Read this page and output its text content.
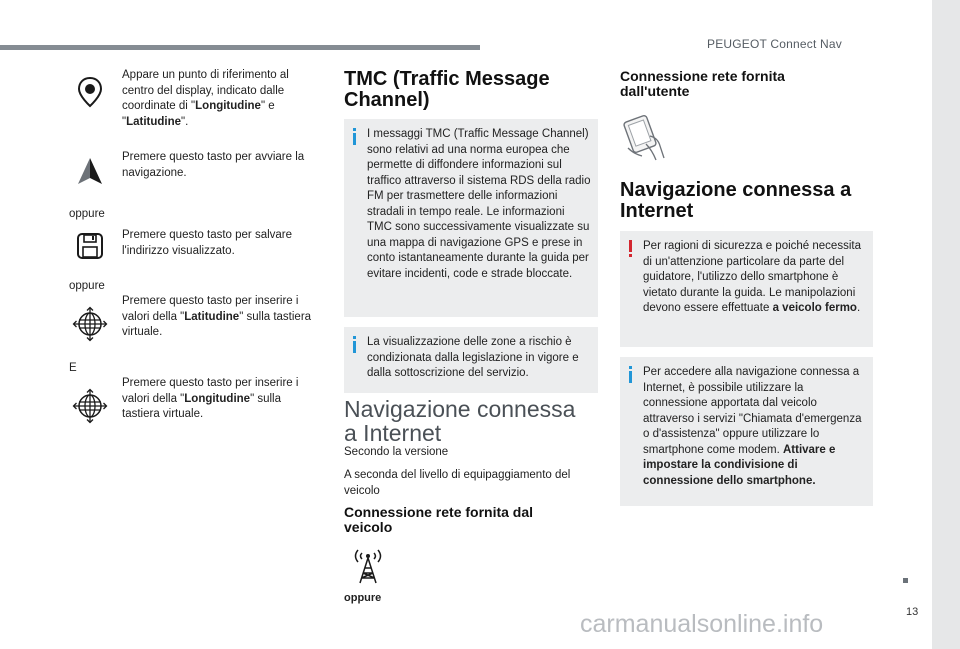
PEUGEOT Connect Nav
13
carmanualsonline.info
Appare un punto di riferimento al centro del display, indicato dalle coordinate di "Longitudine" e "Latitudine".
Premere questo tasto per avviare la navigazione.
oppure
Premere questo tasto per salvare l'indirizzo visualizzato.
oppure
Premere questo tasto per inserire i valori della "Latitudine" sulla tastiera virtuale.
E
Premere questo tasto per inserire i valori della "Longitudine" sulla tastiera virtuale.
TMC (Traffic Message Channel)
I messaggi TMC (Traffic Message Channel) sono relativi ad una norma europea che permette di diffondere informazioni sul traffico attraverso il sistema RDS della radio FM per trasmettere delle informazioni stradali in tempo reale. Le informazioni TMC sono successivamente visualizzate su una mappa di navigazione GPS e prese in conto istantaneamente durante la guida per evitare incidenti, code e strade bloccate.
La visualizzazione delle zone a rischio è condizionata dalla legislazione in vigore e dalla sottoscrizione del servizio.
Navigazione connessa a Internet
Secondo la versione
A seconda del livello di equipaggiamento del veicolo
Connessione rete fornita dal veicolo
oppure
Connessione rete fornita dall'utente
Navigazione connessa a Internet
Per ragioni di sicurezza e poiché necessita di un'attenzione particolare da parte del guidatore, l'utilizzo dello smartphone è vietato durante la guida. Le manipolazioni devono essere effettuate a veicolo fermo.
Per accedere alla navigazione connessa a Internet, è possibile utilizzare la connessione apportata dal veicolo attraverso i servizi "Chiamata d'emergenza o d'assistenza" oppure utilizzare lo smartphone come modem. Attivare e impostare la condivisione di connessione dello smartphone.
